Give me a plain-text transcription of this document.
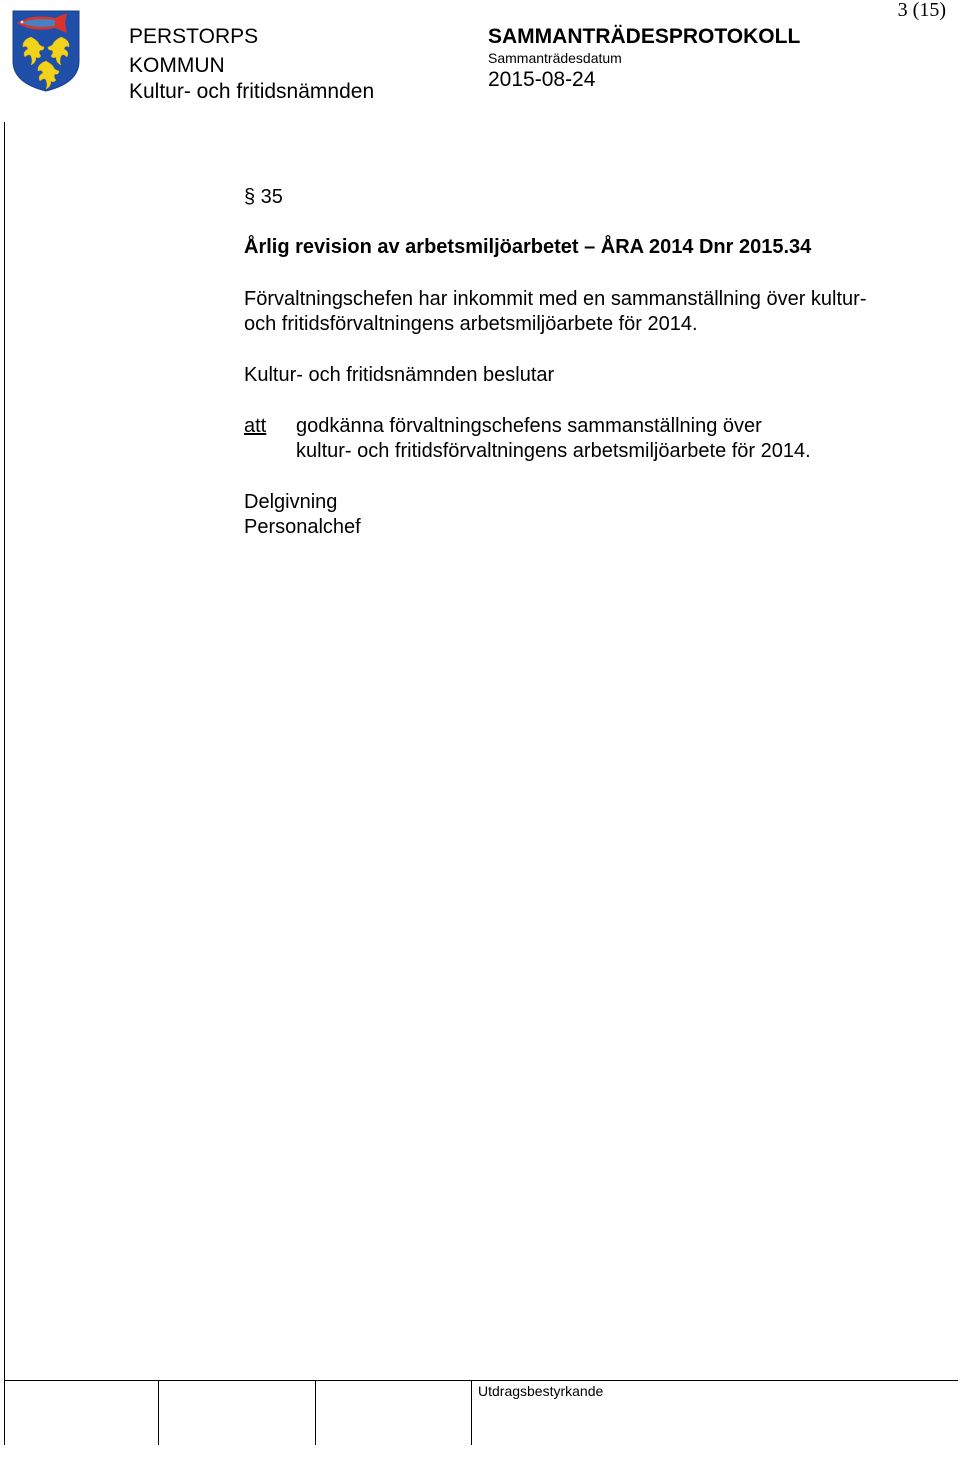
PERSTORPS
KOMMUN
Kultur- och fritidsnämnden
SAMMANTRÄDESPROTOKOLL
Sammanträdesdatum
2015-08-24
3 (15)
Utdragsbestyrkande
§ 35
Årlig revision av arbetsmiljöarbetet – ÅRA 2014 Dnr 2015.34
Förvaltningschefen har inkommit med en sammanställning över kultur-
och fritidsförvaltningens arbetsmiljöarbete för 2014.
Kultur- och fritidsnämnden beslutar
att godkänna förvaltningschefens sammanställning över
kultur- och fritidsförvaltningens arbetsmiljöarbete för 2014.
Delgivning
Personalchef
